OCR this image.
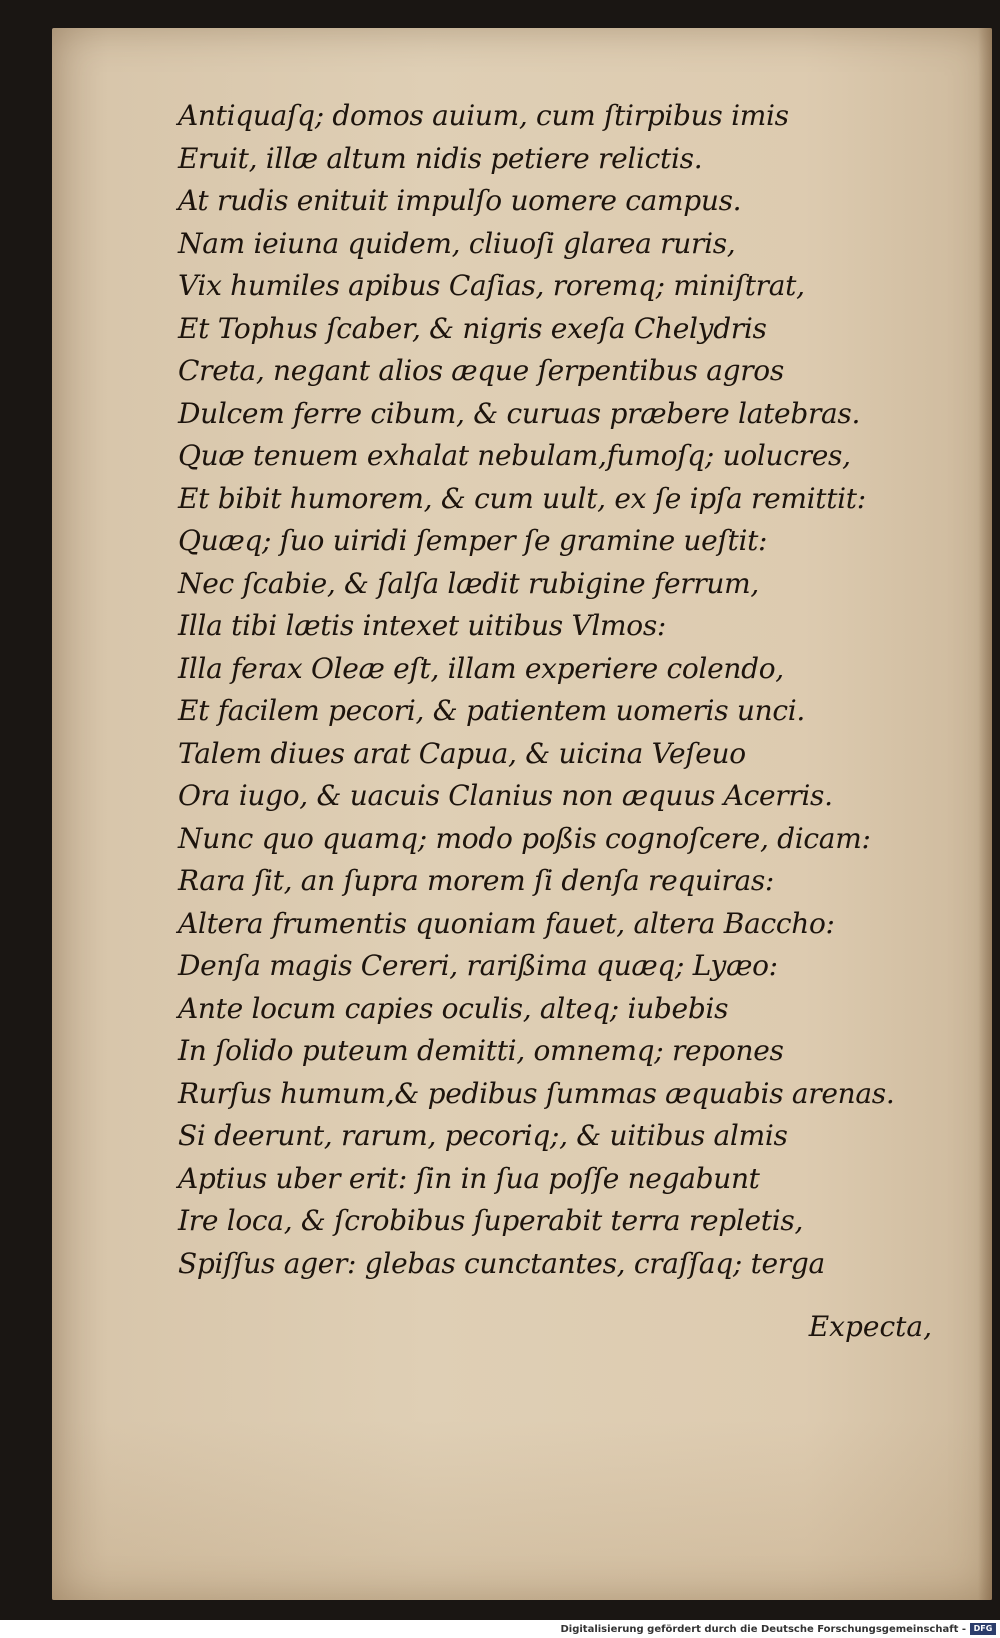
Antiquaſq; domos auium, cum ſtirpibus imis
Eruit, illæ altum nidis petiere relictis.
At rudis enituit impulſo uomere campus.
Nam ieiuna quidem, cliuoſi glarea ruris,
Vix humiles apibus Caſias, roremq; miniſtrat,
Et Tophus ſcaber, & nigris exeſa Chelydris
Creta, negant alios æque ſerpentibus agros
Dulcem ferre cibum, & curuas præbere latebras.
Quæ tenuem exhalat nebulam,fumoſq; uolucres,
Et bibit humorem, & cum uult, ex ſe ipſa remittit:
Quæq; ſuo uiridi ſemper ſe gramine ueſtit:
Nec ſcabie, & ſalſa lædit rubigine ferrum,
Illa tibi lætis intexet uitibus Vlmos:
Illa ferax Oleæ eſt, illam experiere colendo,
Et facilem pecori, & patientem uomeris unci.
Talem diues arat Capua, & uicina Veſeuo
Ora iugo, & uacuis Clanius non æquus Acerris.
Nunc quo quamq; modo poßis cognoſcere, dicam:
Rara ſit, an ſupra morem ſi denſa requiras:
Altera frumentis quoniam fauet, altera Baccho:
Denſa magis Cereri, rarißima quæq; Lyæo:
Ante locum capies oculis, alteq; iubebis
In ſolido puteum demitti, omnemq; repones
Rurſus humum,& pedibus ſummas æquabis arenas.
Si deerunt, rarum, pecoriq;, & uitibus almis
Aptius uber erit: ſin in ſua poſſe negabunt
Ire loca, & ſcrobibus ſuperabit terra repletis,
Spiſſus ager: glebas cunctantes, craſſaq; terga
Expecta,
Digitalisierung gefördert durch die Deutsche Forschungsgemeinschaft - DFG
